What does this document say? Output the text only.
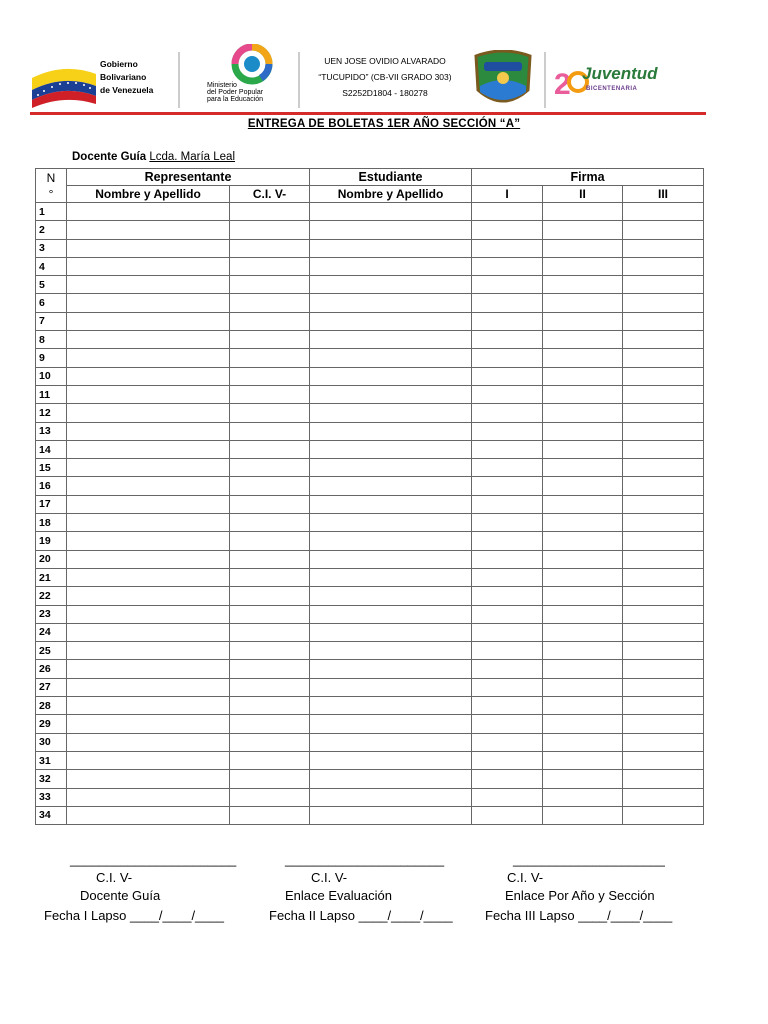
Gobierno
Bolivariano
de Venezuela	Ministerio
del Poder Popular
para la Educación
UEN JOSE OVIDIO ALVARADO
“TUCUPIDO” (CB-VII GRADO 303)
S2252D1804 - 180278	2 Juventud
BICENTENARIA
ENTREGA DE BOLETAS 1ER AÑO SECCIÓN “A”
Docente Guía Lcda. María Leal
N
°	Representante		Estudiante	Firma		
	Nombre y Apellido	C.I. V-	Nombre y Apellido	I	II	III
1						
2						
3						
4						
5						
6						
7						
8						
9						
10						
11						
12						
13						
14						
15						
16						
17						
18						
19						
20						
21						
22						
23						
24						
25						
26						
27						
28						
29						
30						
31						
32						
33						
34						
_______________________	______________________	_____________________
C.I. V-	C.I. V-	C.I. V-
Docente Guía	Enlace Evaluación	Enlace Por Año y Sección
Fecha I Lapso ____/____/____	Fecha II Lapso ____/____/____ Fecha III Lapso ____/____/____
